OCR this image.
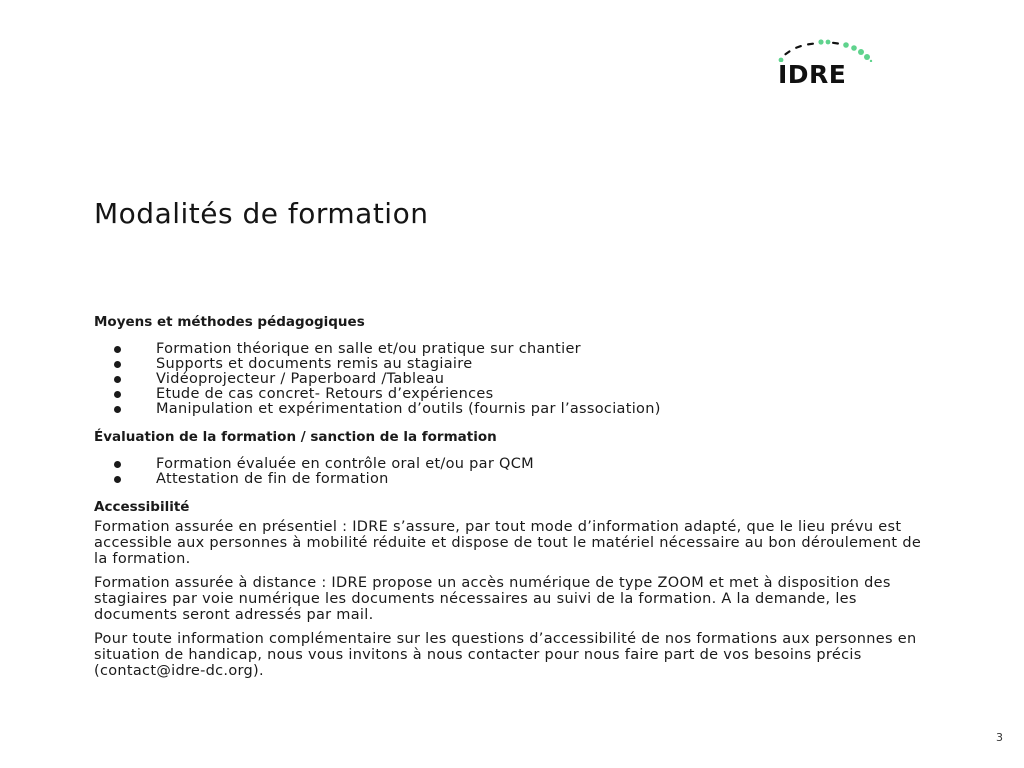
IDRE
Modalités de formation

Moyens et méthodes pédagogiques

Formation théorique en salle et/ou pratique sur chantier
Supports et documents remis au stagiaire
Vidéoprojecteur / Paperboard /Tableau
Etude de cas concret- Retours d’expériences
Manipulation et expérimentation d’outils (fournis par l’association)

Évaluation de la formation / sanction de la formation

Formation évaluée en contrôle oral et/ou par QCM
Attestation de fin de formation

Accessibilité

Formation assurée en présentiel : IDRE s’assure, par tout mode d’information adapté, que le lieu prévu est accessible aux personnes à mobilité réduite et dispose de tout le matériel nécessaire au bon déroulement de la formation.

Formation assurée à distance : IDRE propose un accès numérique de type ZOOM et met à disposition des stagiaires par voie numérique les documents nécessaires au suivi de la formation. A la demande, les documents seront adressés par mail.

Pour toute information complémentaire sur les questions d’accessibilité de nos formations aux personnes en situation de handicap, nous vous invitons à nous contacter pour nous faire part de vos besoins précis (contact@idre-dc.org).

3
